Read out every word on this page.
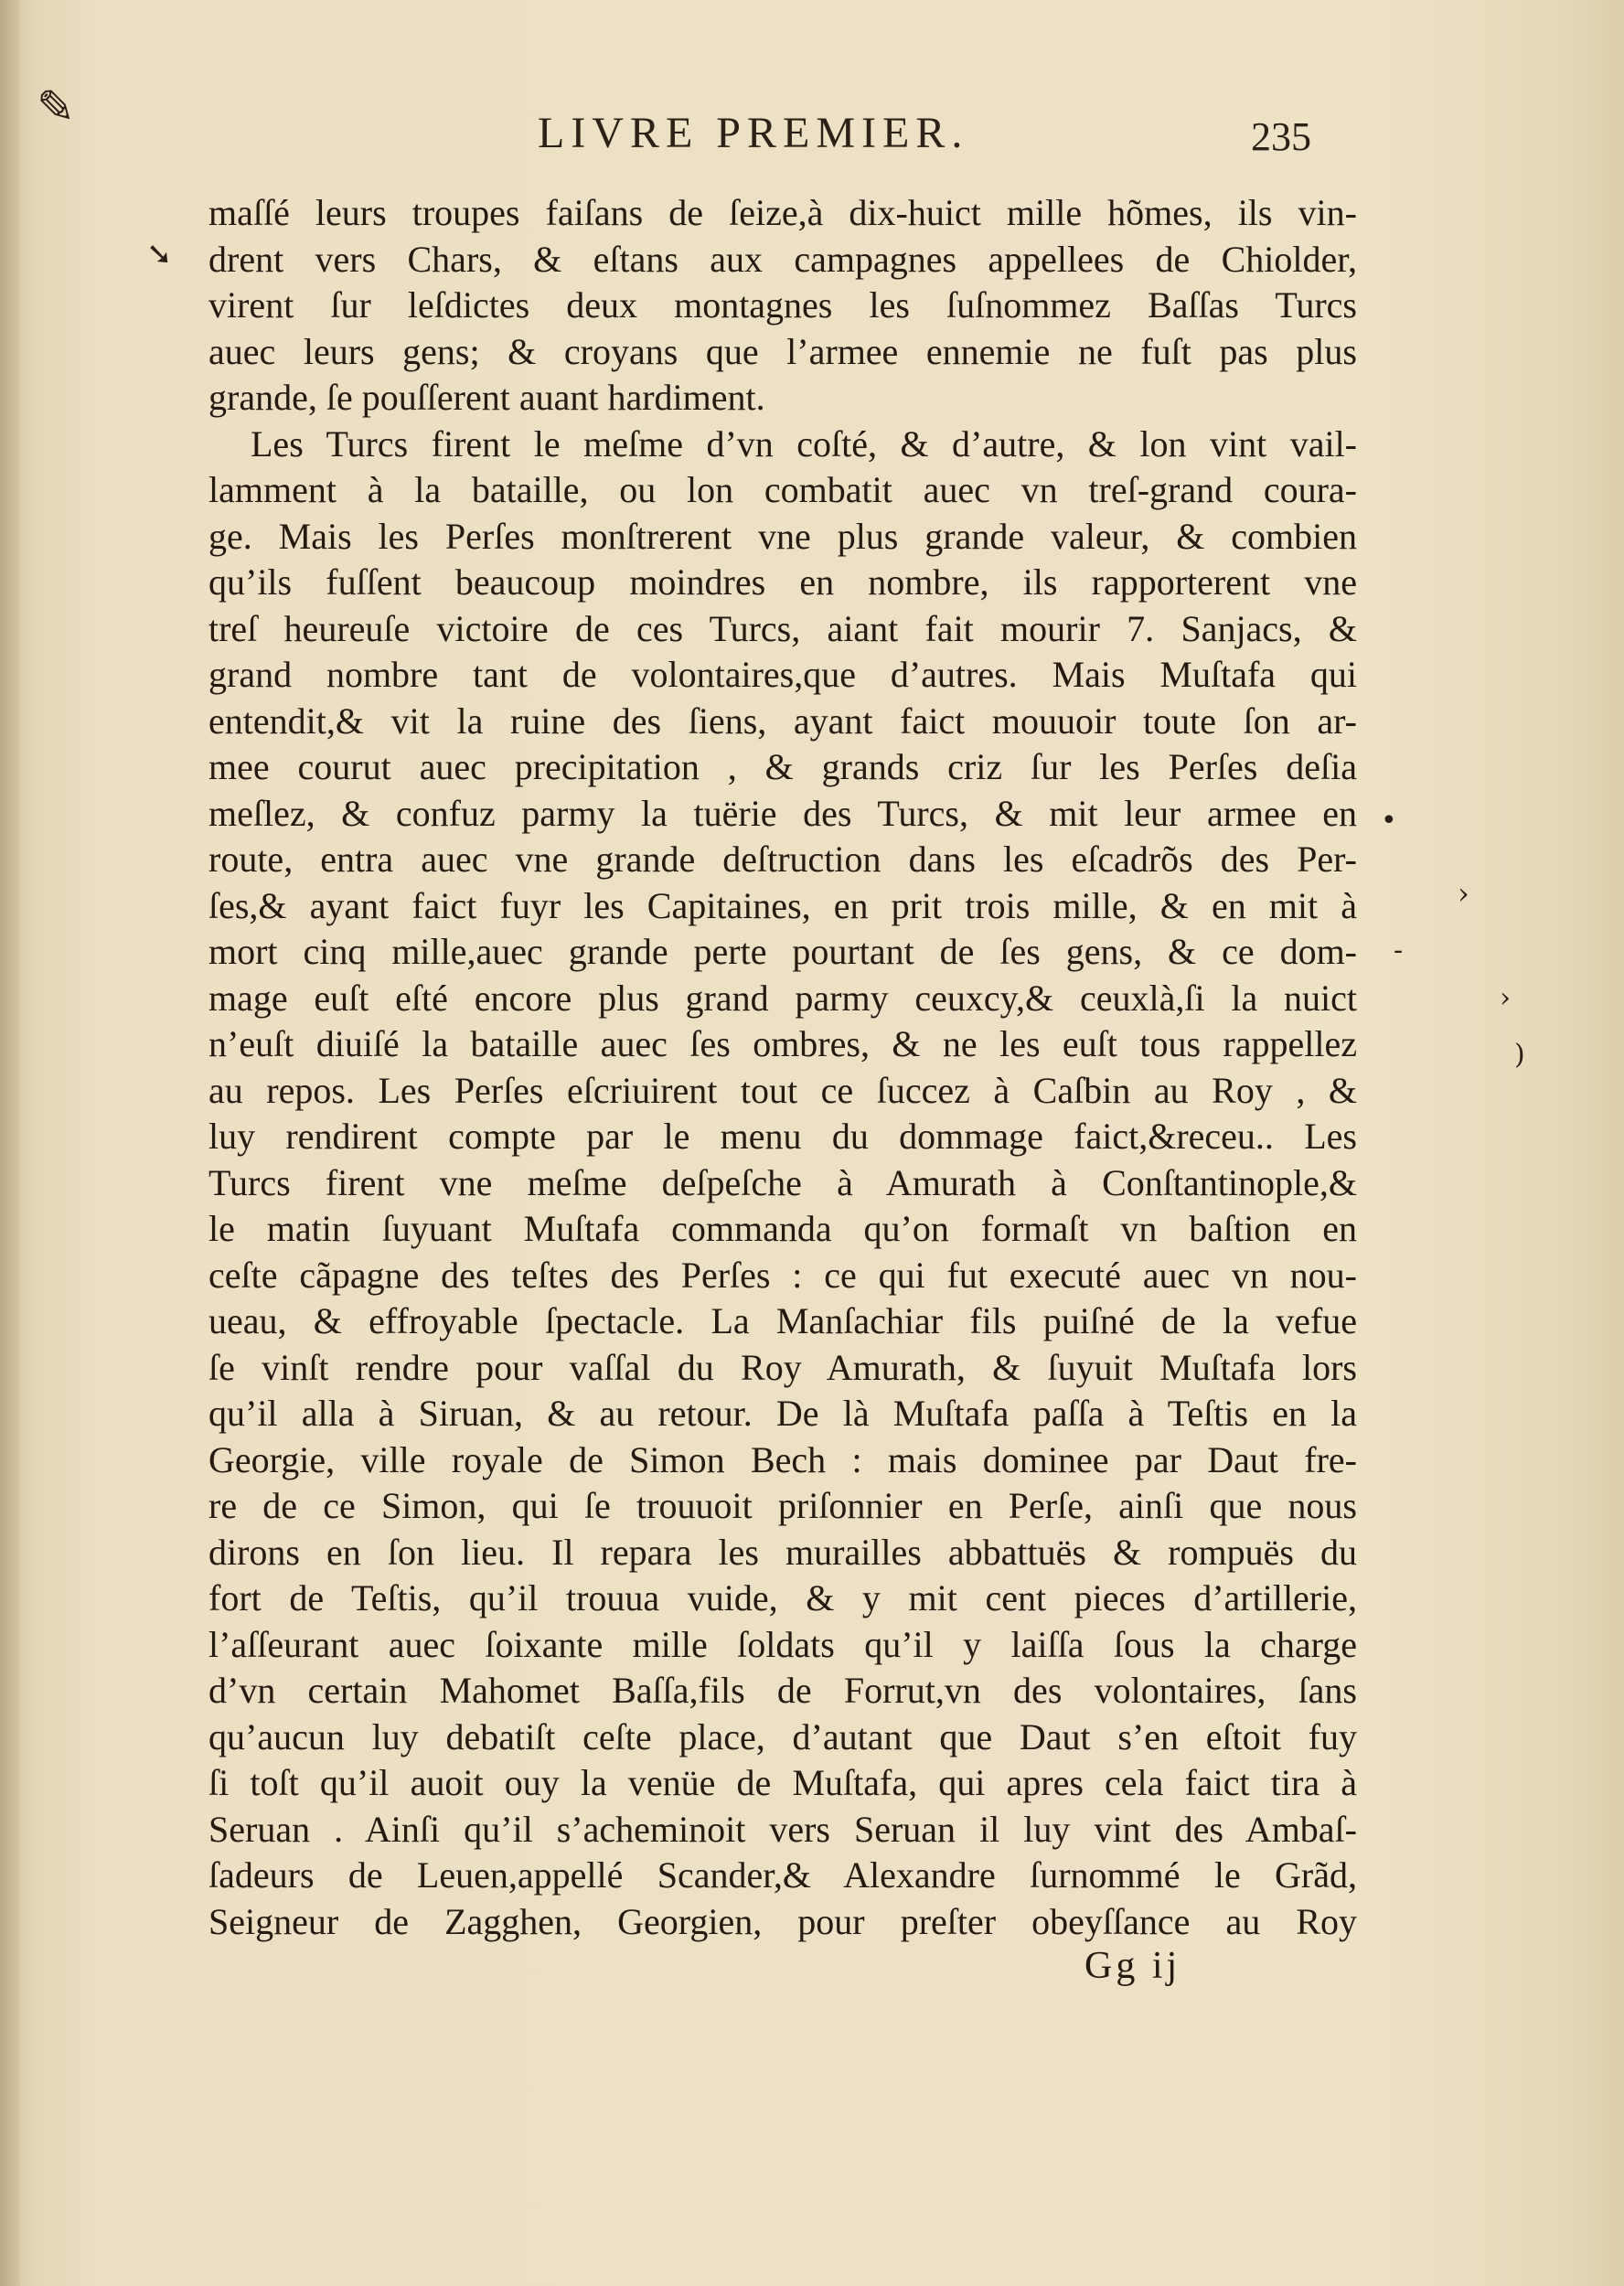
✎
➘
•
›
-
›
)
LIVRE PREMIER.	235
maſſé leurs troupes faiſans de ſeize,à dix-huict mille hõmes, ils vin-
drent vers Chars, & eſtans aux campagnes appellees de Chiolder,
virent ſur leſdictes deux montagnes les ſuſnommez Baſſas Turcs
auec leurs gens; & croyans que l’armee ennemie ne fuſt pas plus
grande, ſe pouſſerent auant hardiment.
Les Turcs firent le meſme d’vn coſté, & d’autre, & lon vint vail-
lamment à la bataille, ou lon combatit auec vn treſ-grand coura-
ge. Mais les Perſes monſtrerent vne plus grande valeur, & combien
qu’ils fuſſent beaucoup moindres en nombre, ils rapporterent vne
treſ heureuſe victoire de ces Turcs, aiant fait mourir 7. Sanjacs, &
grand nombre tant de volontaires,que d’autres. Mais Muſtafa qui
entendit,& vit la ruine des ſiens, ayant faict mouuoir toute ſon ar-
mee courut auec precipitation , & grands criz ſur les Perſes deſia
meſlez, & confuz parmy la tuërie des Turcs, & mit leur armee en
route, entra auec vne grande deſtruction dans les eſcadrõs des Per-
ſes,& ayant faict fuyr les Capitaines, en prit trois mille, & en mit à
mort cinq mille,auec grande perte pourtant de ſes gens, & ce dom-
mage euſt eſté encore plus grand parmy ceuxcy,& ceuxlà,ſi la nuict
n’euſt diuiſé la bataille auec ſes ombres, & ne les euſt tous rappellez
au repos. Les Perſes eſcriuirent tout ce ſuccez à Caſbin au Roy , &
luy rendirent compte par le menu du dommage faict,&receu.. Les
Turcs firent vne meſme deſpeſche à Amurath à Conſtantinople,&
le matin ſuyuant Muſtafa commanda qu’on formaſt vn baſtion en
ceſte cãpagne des teſtes des Perſes : ce qui fut executé auec vn nou-
ueau, & effroyable ſpectacle. La Manſachiar fils puiſné de la vefue
ſe vinſt rendre pour vaſſal du Roy Amurath, & ſuyuit Muſtafa lors
qu’il alla à Siruan, & au retour. De là Muſtafa paſſa à Teſtis en la
Georgie, ville royale de Simon Bech : mais dominee par Daut fre-
re de ce Simon, qui ſe trouuoit priſonnier en Perſe, ainſi que nous
dirons en ſon lieu. Il repara les murailles abbattuës & rompuës du
fort de Teſtis, qu’il trouua vuide, & y mit cent pieces d’artillerie,
l’aſſeurant auec ſoixante mille ſoldats qu’il y laiſſa ſous la charge
d’vn certain Mahomet Baſſa,fils de Forrut,vn des volontaires, ſans
qu’aucun luy debatiſt ceſte place, d’autant que Daut s’en eſtoit fuy
ſi toſt qu’il auoit ouy la venüe de Muſtafa, qui apres cela faict tira à
Seruan . Ainſi qu’il s’acheminoit vers Seruan il luy vint des Ambaſ-
ſadeurs de Leuen,appellé Scander,& Alexandre ſurnommé le Grãd,
Seigneur de Zagghen, Georgien, pour preſter obeyſſance au Roy
Gg ij
